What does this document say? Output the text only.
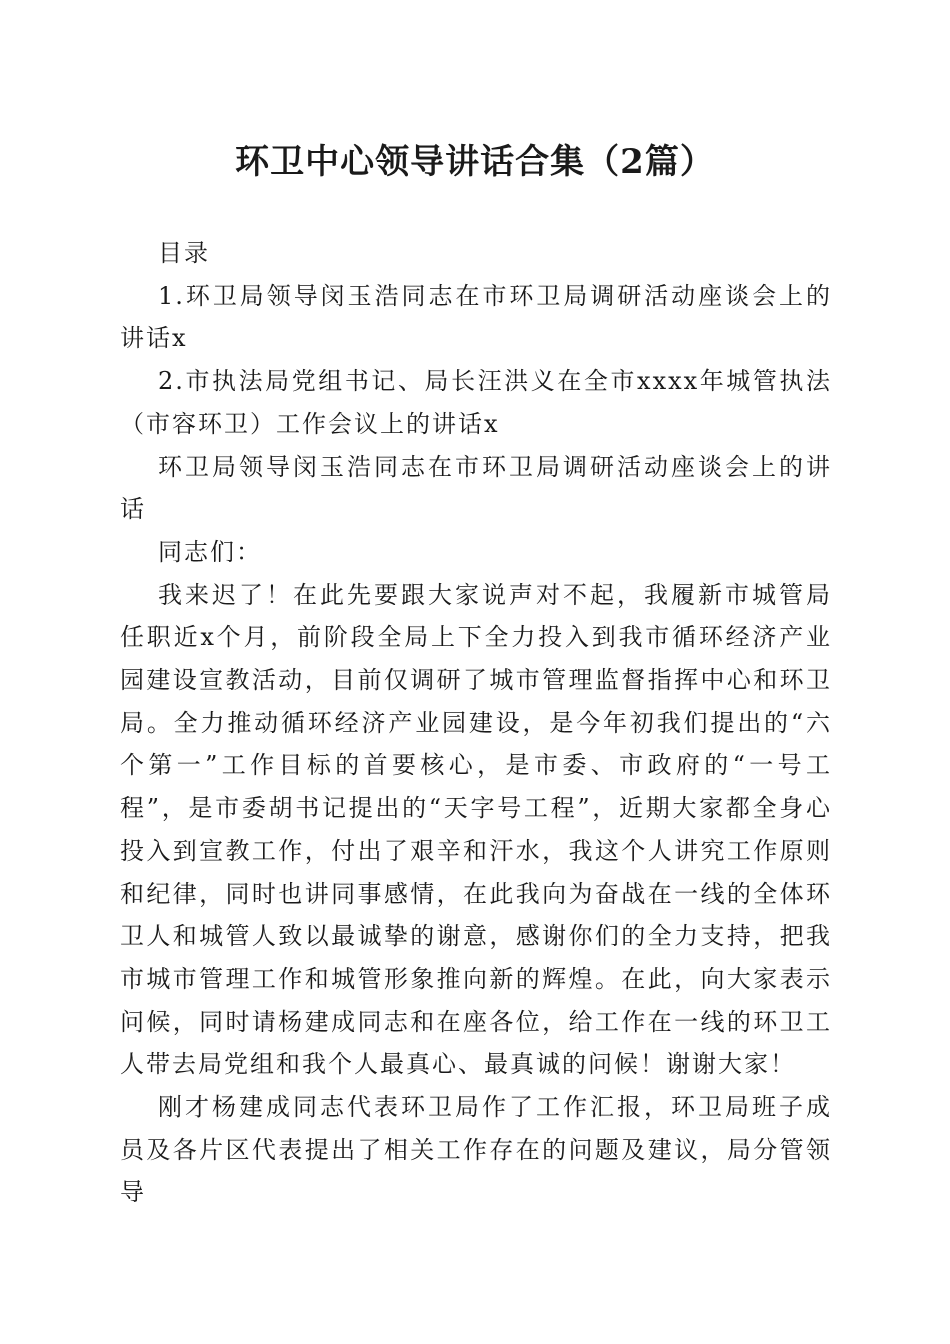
环卫中心领导讲话合集（2篇）

目录

1.环卫局领导闵玉浩同志在市环卫局调研活动座谈会上的讲话x

2.市执法局党组书记、局长汪洪义在全市xxxx年城管执法（市容环卫）工作会议上的讲话x

环卫局领导闵玉浩同志在市环卫局调研活动座谈会上的讲话

同志们：

我来迟了！在此先要跟大家说声对不起，我履新市城管局任职近x个月，前阶段全局上下全力投入到我市循环经济产业园建设宣教活动，目前仅调研了城市管理监督指挥中心和环卫局。全力推动循环经济产业园建设，是今年初我们提出的“六个第一”工作目标的首要核心，是市委、市政府的“一号工程”，是市委胡书记提出的“天字号工程”，近期大家都全身心投入到宣教工作，付出了艰辛和汗水，我这个人讲究工作原则和纪律，同时也讲同事感情，在此我向为奋战在一线的全体环卫人和城管人致以最诚挚的谢意，感谢你们的全力支持，把我市城市管理工作和城管形象推向新的辉煌。在此，向大家表示问候，同时请杨建成同志和在座各位，给工作在一线的环卫工人带去局党组和我个人最真心、最真诚的问候！谢谢大家！

刚才杨建成同志代表环卫局作了工作汇报，环卫局班子成员及各片区代表提出了相关工作存在的问题及建议，局分管领导
